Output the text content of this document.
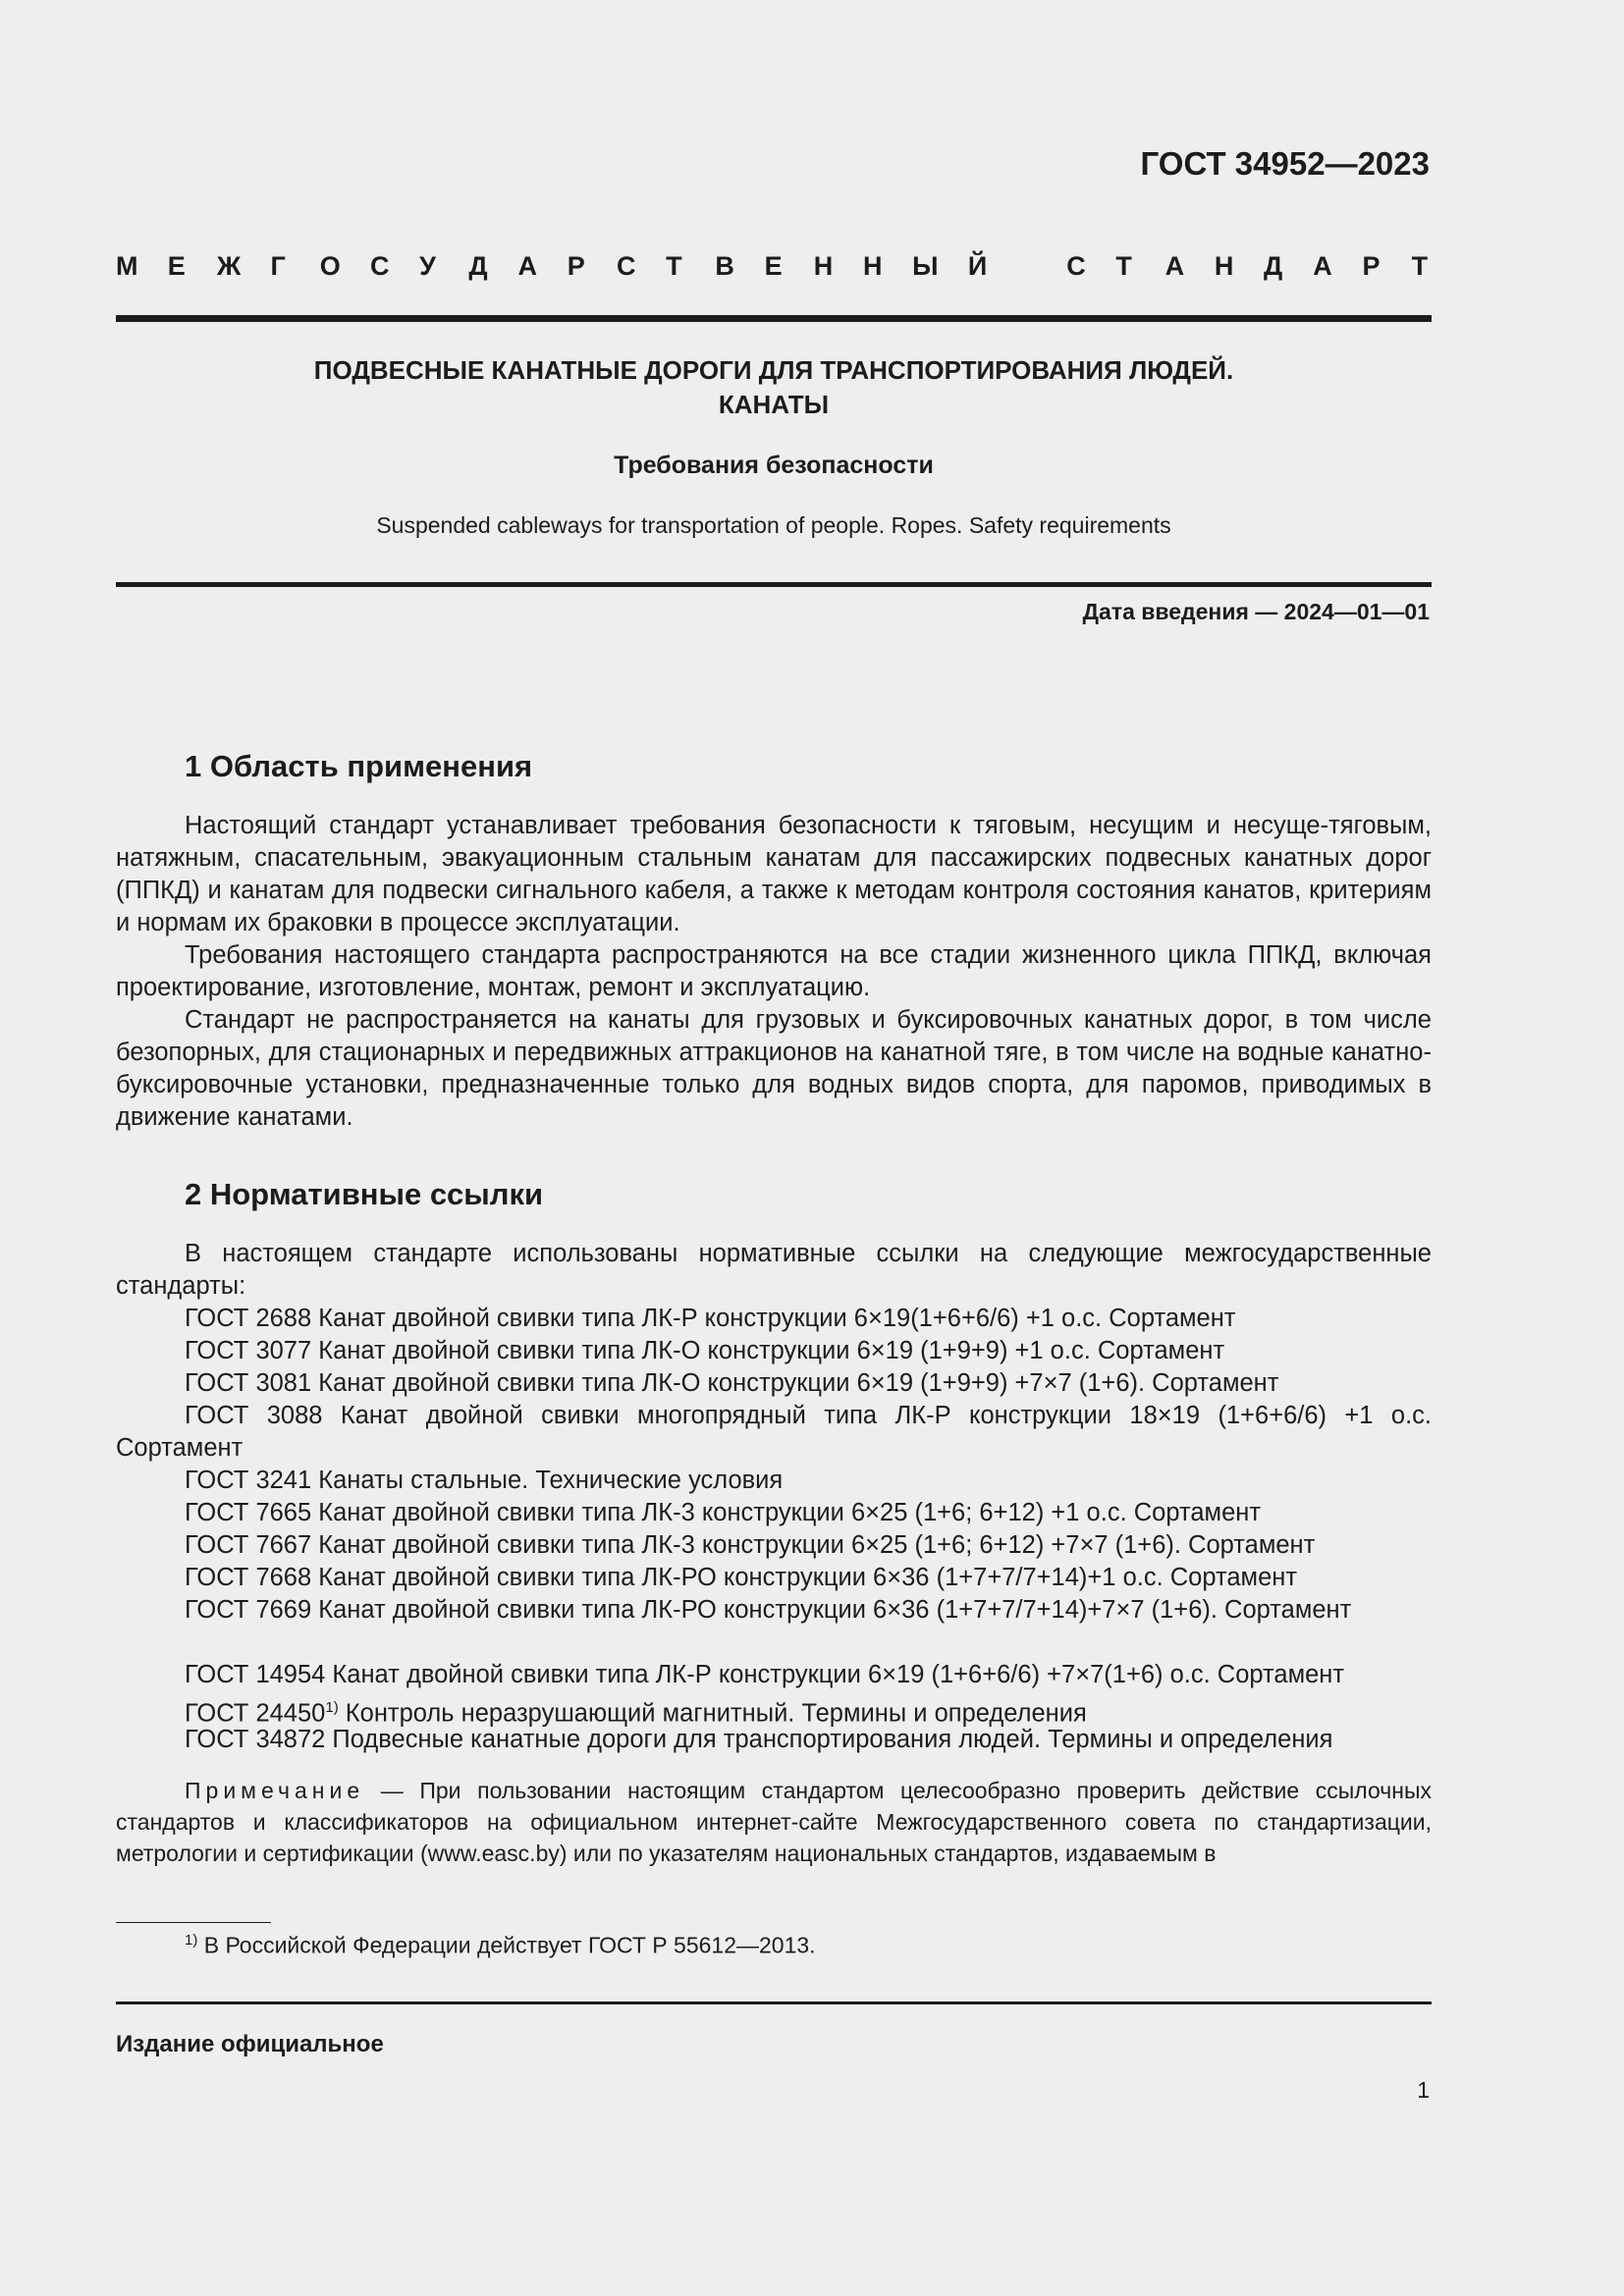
ГОСТ 34952—2023
М Е Ж Г О С У Д А Р С Т В Е Н Н Ы Й	С Т А Н Д А Р Т
ПОДВЕСНЫЕ КАНАТНЫЕ ДОРОГИ ДЛЯ ТРАНСПОРТИРОВАНИЯ ЛЮДЕЙ.
КАНАТЫ
Требования безопасности
Suspended cableways for transportation of people. Ropes. Safety requirements
Дата введения — 2024—01—01
1 Область применения
Настоящий стандарт устанавливает требования безопасности к тяговым, несущим и несуще-тяговым, натяжным, спасательным, эвакуационным стальным канатам для пассажирских подвесных канатных дорог (ППКД) и канатам для подвески сигнального кабеля, а также к методам контроля состояния канатов, критериям и нормам их браковки в процессе эксплуатации.
Требования настоящего стандарта распространяются на все стадии жизненного цикла ППКД, включая проектирование, изготовление, монтаж, ремонт и эксплуатацию.
Стандарт не распространяется на канаты для грузовых и буксировочных канатных дорог, в том числе безопорных, для стационарных и передвижных аттракционов на канатной тяге, в том числе на водные канатно-буксировочные установки, предназначенные только для водных видов спорта, для паромов, приводимых в движение канатами.
2 Нормативные ссылки
В настоящем стандарте использованы нормативные ссылки на следующие межгосударственные стандарты:
ГОСТ 2688 Канат двойной свивки типа ЛК-Р конструкции 6×19(1+6+6/6) +1 о.с. Сортамент
ГОСТ 3077 Канат двойной свивки типа ЛК-О конструкции 6×19 (1+9+9) +1 о.с. Сортамент
ГОСТ 3081 Канат двойной свивки типа ЛК-О конструкции 6×19 (1+9+9) +7×7 (1+6). Сортамент
ГОСТ 3088 Канат двойной свивки многопрядный типа ЛК-Р конструкции 18×19 (1+6+6/6) +1 о.с. Сортамент
ГОСТ 3241 Канаты стальные. Технические условия
ГОСТ 7665 Канат двойной свивки типа ЛК-3 конструкции 6×25 (1+6; 6+12) +1 о.с. Сортамент
ГОСТ 7667 Канат двойной свивки типа ЛК-3 конструкции 6×25 (1+6; 6+12) +7×7 (1+6). Сортамент
ГОСТ 7668 Канат двойной свивки типа ЛК-РО конструкции 6×36 (1+7+7/7+14)+1 о.с. Сортамент
ГОСТ 7669 Канат двойной свивки типа ЛК-РО конструкции 6×36 (1+7+7/7+14)+7×7 (1+6). Сортамент
ГОСТ 14954 Канат двойной свивки типа ЛК-Р конструкции 6×19 (1+6+6/6) +7×7(1+6) о.с. Сортамент
ГОСТ 24450$^{1)}$ Контроль неразрушающий магнитный. Термины и определения
ГОСТ 34872 Подвесные канатные дороги для транспортирования людей. Термины и определения
Примечание — При пользовании настоящим стандартом целесообразно проверить действие ссылочных стандартов и классификаторов на официальном интернет-сайте Межгосударственного совета по стандартизации, метрологии и сертификации (www.easc.by) или по указателям национальных стандартов, издаваемым в
$^{1)}$ В Российской Федерации действует ГОСТ Р 55612—2013.
Издание официальное
1
